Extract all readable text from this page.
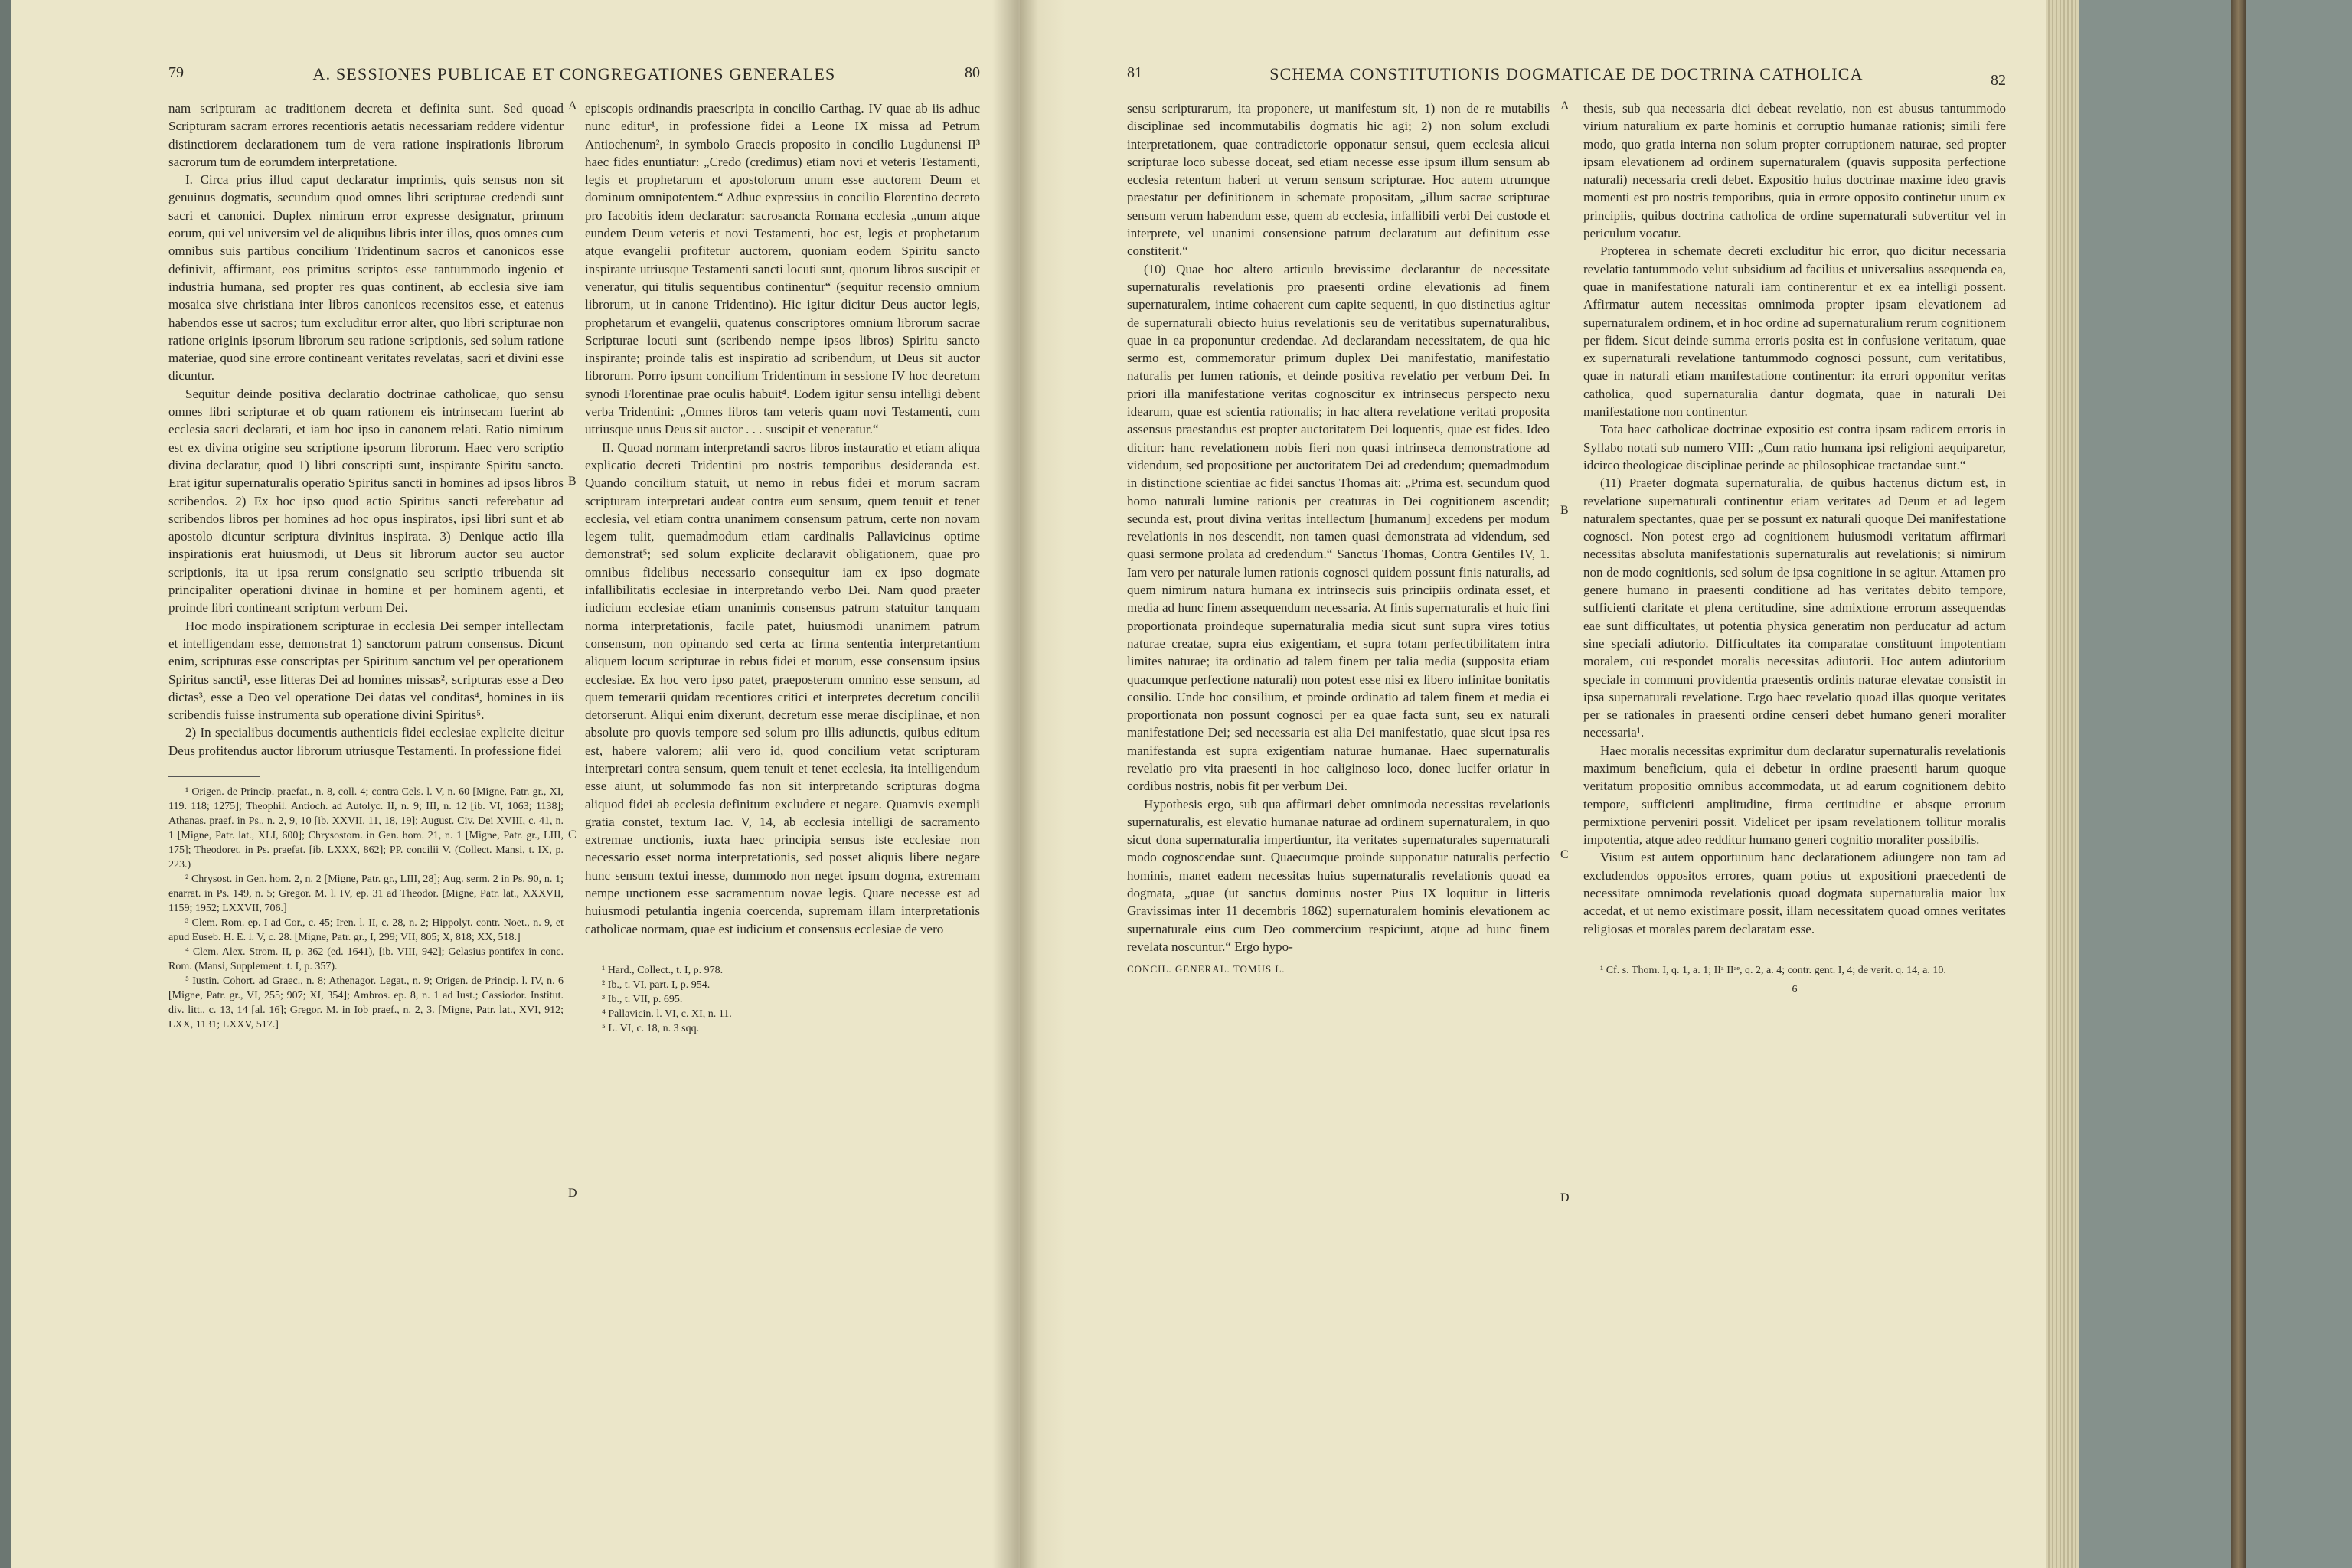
79	A. SESSIONES PUBLICAE ET CONGREGATIONES GENERALES	80

nam scripturam ac traditionem decreta et definita sunt. Sed quoad Scripturam sacram errores recentioris aetatis necessariam reddere videntur distinctiorem declarationem tum de vera ratione inspirationis librorum sacrorum tum de eorumdem interpretatione.

I. Circa prius illud caput declaratur imprimis, quis sensus non sit genuinus dogmatis, secundum quod omnes libri scripturae credendi sunt sacri et canonici. Duplex nimirum error expresse designatur, primum eorum, qui vel universim vel de aliquibus libris inter illos, quos omnes cum omnibus suis partibus concilium Tridentinum sacros et canonicos esse definivit, affirmant, eos primitus scriptos esse tantummodo ingenio et industria humana, sed propter res quas continent, ab ecclesia sive iam mosaica sive christiana inter libros canonicos recensitos esse, et eatenus habendos esse ut sacros; tum excluditur error alter, quo libri scripturae non ratione originis ipsorum librorum seu ratione scriptionis, sed solum ratione materiae, quod sine errore contineant veritates revelatas, sacri et divini esse dicuntur.

Sequitur deinde positiva declaratio doctrinae catholicae, quo sensu omnes libri scripturae et ob quam rationem eis intrinsecam fuerint ab ecclesia sacri declarati, et iam hoc ipso in canonem relati. Ratio nimirum est ex divina origine seu scriptione ipsorum librorum. Haec vero scriptio divina declaratur, quod 1) libri conscripti sunt, inspirante Spiritu sancto. Erat igitur supernaturalis operatio Spiritus sancti in homines ad ipsos libros scribendos. 2) Ex hoc ipso quod actio Spiritus sancti referebatur ad scribendos libros per homines ad hoc opus inspiratos, ipsi libri sunt et ab apostolo dicuntur scriptura divinitus inspirata. 3) Denique actio illa inspirationis erat huiusmodi, ut Deus sit librorum auctor seu auctor scriptionis, ita ut ipsa rerum consignatio seu scriptio tribuenda sit principaliter operationi divinae in homine et per hominem agenti, et proinde libri contineant scriptum verbum Dei.

Hoc modo inspirationem scripturae in ecclesia Dei semper intellectam et intelligendam esse, demonstrat 1) sanctorum patrum consensus. Dicunt enim, scripturas esse conscriptas per Spiritum sanctum vel per operationem Spiritus sancti¹, esse litteras Dei ad homines missas², scripturas esse a Deo dictas³, esse a Deo vel operatione Dei datas vel conditas⁴, homines in iis scribendis fuisse instrumenta sub operatione divini Spiritus⁵.

2) In specialibus documentis authenticis fidei ecclesiae explicite dicitur Deus profitendus auctor librorum utriusque Testamenti. In professione fidei

¹ Origen. de Princip. praefat., n. 8, coll. 4; contra Cels. l. V, n. 60 [Migne, Patr. gr., XI, 119. 118; 1275]; Theophil. Antioch. ad Autolyc. II, n. 9; III, n. 12 [ib. VI, 1063; 1138]; Athanas. praef. in Ps., n. 2, 9, 10 [ib. XXVII, 11, 18, 19]; August. Civ. Dei XVIII, c. 41, n. 1 [Migne, Patr. lat., XLI, 600]; Chrysostom. in Gen. hom. 21, n. 1 [Migne, Patr. gr., LIII, 175]; Theodoret. in Ps. praefat. [ib. LXXX, 862]; PP. concilii V. (Collect. Mansi, t. IX, p. 223.)

² Chrysost. in Gen. hom. 2, n. 2 [Migne, Patr. gr., LIII, 28]; Aug. serm. 2 in Ps. 90, n. 1; enarrat. in Ps. 149, n. 5; Gregor. M. l. IV, ep. 31 ad Theodor. [Migne, Patr. lat., XXXVII, 1159; 1952; LXXVII, 706.]

³ Clem. Rom. ep. I ad Cor., c. 45; Iren. l. II, c. 28, n. 2; Hippolyt. contr. Noet., n. 9, et apud Euseb. H. E. l. V, c. 28. [Migne, Patr. gr., I, 299; VII, 805; X, 818; XX, 518.]

⁴ Clem. Alex. Strom. II, p. 362 (ed. 1641), [ib. VIII, 942]; Gelasius pontifex in conc. Rom. (Mansi, Supplement. t. I, p. 357).

⁵ Iustin. Cohort. ad Graec., n. 8; Athenagor. Legat., n. 9; Origen. de Princip. l. IV, n. 6 [Migne, Patr. gr., VI, 255; 907; XI, 354]; Ambros. ep. 8, n. 1 ad Iust.; Cassiodor. Institut. div. litt., c. 13, 14 [al. 16]; Gregor. M. in Iob praef., n. 2, 3. [Migne, Patr. lat., XVI, 912; LXX, 1131; LXXV, 517.]

A
B
C
D

episcopis ordinandis praescripta in concilio Carthag. IV quae ab iis adhuc nunc editur¹, in professione fidei a Leone IX missa ad Petrum Antiochenum², in symbolo Graecis proposito in concilio Lugdunensi II³ haec fides enuntiatur: „Credo (credimus) etiam novi et veteris Testamenti, legis et prophetarum et apostolorum unum esse auctorem Deum et dominum omnipotentem.“ Adhuc expressius in concilio Florentino decreto pro Iacobitis idem declaratur: sacrosancta Romana ecclesia „unum atque eundem Deum veteris et novi Testamenti, hoc est, legis et prophetarum atque evangelii profitetur auctorem, quoniam eodem Spiritu sancto inspirante utriusque Testamenti sancti locuti sunt, quorum libros suscipit et veneratur, qui titulis sequentibus continentur“ (sequitur recensio omnium librorum, ut in canone Tridentino). Hic igitur dicitur Deus auctor legis, prophetarum et evangelii, quatenus conscriptores omnium librorum sacrae Scripturae locuti sunt (scribendo nempe ipsos libros) Spiritu sancto inspirante; proinde talis est inspiratio ad scribendum, ut Deus sit auctor librorum. Porro ipsum concilium Tridentinum in sessione IV hoc decretum synodi Florentinae prae oculis habuit⁴. Eodem igitur sensu intelligi debent verba Tridentini: „Omnes libros tam veteris quam novi Testamenti, cum utriusque unus Deus sit auctor . . . suscipit et veneratur.“

II. Quoad normam interpretandi sacros libros instauratio et etiam aliqua explicatio decreti Tridentini pro nostris temporibus desideranda est. Quando concilium statuit, ut nemo in rebus fidei et morum sacram scripturam interpretari audeat contra eum sensum, quem tenuit et tenet ecclesia, vel etiam contra unanimem consensum patrum, certe non novam legem tulit, quemadmodum etiam cardinalis Pallavicinus optime demonstrat⁵; sed solum explicite declaravit obligationem, quae pro omnibus fidelibus necessario consequitur iam ex ipso dogmate infallibilitatis ecclesiae in interpretando verbo Dei. Nam quod praeter iudicium ecclesiae etiam unanimis consensus patrum statuitur tanquam norma interpretationis, facile patet, huiusmodi unanimem patrum consensum, non opinando sed certa ac firma sententia interpretantium aliquem locum scripturae in rebus fidei et morum, esse consensum ipsius ecclesiae. Ex hoc vero ipso patet, praeposterum omnino esse sensum, ad quem temerarii quidam recentiores critici et interpretes decretum concilii detorserunt. Aliqui enim dixerunt, decretum esse merae disciplinae, et non absolute pro quovis tempore sed solum pro illis adiunctis, quibus editum est, habere valorem; alii vero id, quod concilium vetat scripturam interpretari contra sensum, quem tenuit et tenet ecclesia, ita intelligendum esse aiunt, ut solummodo fas non sit interpretando scripturas dogma aliquod fidei ab ecclesia definitum excludere et negare. Quamvis exempli gratia constet, textum Iac. V, 14, ab ecclesia intelligi de sacramento extremae unctionis, iuxta haec principia sensus iste ecclesiae non necessario esset norma interpretationis, sed posset aliquis libere negare hunc sensum textui inesse, dummodo non neget ipsum dogma, extremam nempe unctionem esse sacramentum novae legis. Quare necesse est ad huiusmodi petulantia ingenia coercenda, supremam illam interpretationis catholicae normam, quae est iudicium et consensus ecclesiae de vero

¹ Hard., Collect., t. I, p. 978.

² Ib., t. VI, part. I, p. 954.

³ Ib., t. VII, p. 695.

⁴ Pallavicin. l. VI, c. XI, n. 11.

⁵ L. VI, c. 18, n. 3 sqq.

81	SCHEMA CONSTITUTIONIS DOGMATICAE DE DOCTRINA CATHOLICA	82

sensu scripturarum, ita proponere, ut manifestum sit, 1) non de re mutabilis disciplinae sed incommutabilis dogmatis hic agi; 2) non solum excludi interpretationem, quae contradictorie opponatur sensui, quem ecclesia alicui scripturae loco subesse doceat, sed etiam necesse esse ipsum illum sensum ab ecclesia retentum haberi ut verum sensum scripturae. Hoc autem utrumque praestatur per definitionem in schemate propositam, „illum sacrae scripturae sensum verum habendum esse, quem ab ecclesia, infallibili verbi Dei custode et interprete, vel unanimi consensione patrum declaratum aut definitum esse constiterit.“

(10) Quae hoc altero articulo brevissime declarantur de necessitate supernaturalis revelationis pro praesenti ordine elevationis ad finem supernaturalem, intime cohaerent cum capite sequenti, in quo distinctius agitur de supernaturali obiecto huius revelationis seu de veritatibus supernaturalibus, quae in ea proponuntur credendae. Ad declarandam necessitatem, de qua hic sermo est, commemoratur primum duplex Dei manifestatio, manifestatio naturalis per lumen rationis, et deinde positiva revelatio per verbum Dei. In priori illa manifestatione veritas cognoscitur ex intrinsecus perspecto nexu idearum, quae est scientia rationalis; in hac altera revelatione veritati proposita assensus praestandus est propter auctoritatem Dei loquentis, quae est fides. Ideo dicitur: hanc revelationem nobis fieri non quasi intrinseca demonstratione ad videndum, sed propositione per auctoritatem Dei ad credendum; quemadmodum in distinctione scientiae ac fidei sanctus Thomas ait: „Prima est, secundum quod homo naturali lumine rationis per creaturas in Dei cognitionem ascendit; secunda est, prout divina veritas intellectum [humanum] excedens per modum revelationis in nos descendit, non tamen quasi demonstrata ad videndum, sed quasi sermone prolata ad credendum.“ Sanctus Thomas, Contra Gentiles IV, 1. Iam vero per naturale lumen rationis cognosci quidem possunt finis naturalis, ad quem nimirum natura humana ex intrinsecis suis principiis ordinata esset, et media ad hunc finem assequendum necessaria. At finis supernaturalis et huic fini proportionata proindeque supernaturalia media sicut sunt supra vires totius naturae creatae, supra eius exigentiam, et supra totam perfectibilitatem intra limites naturae; ita ordinatio ad talem finem per talia media (supposita etiam quacumque perfectione naturali) non potest esse nisi ex libero infinitae bonitatis consilio. Unde hoc consilium, et proinde ordinatio ad talem finem et media ei proportionata non possunt cognosci per ea quae facta sunt, seu ex naturali manifestatione Dei; sed necessaria est alia Dei manifestatio, quae sicut ipsa res manifestanda est supra exigentiam naturae humanae. Haec supernaturalis revelatio pro vita praesenti in hoc caliginoso loco, donec lucifer oriatur in cordibus nostris, nobis fit per verbum Dei.

Hypothesis ergo, sub qua affirmari debet omnimoda necessitas revelationis supernaturalis, est elevatio humanae naturae ad ordinem supernaturalem, in quo sicut dona supernaturalia impertiuntur, ita veritates supernaturales supernaturali modo cognoscendae sunt. Quaecumque proinde supponatur naturalis perfectio hominis, manet eadem necessitas huius supernaturalis revelationis quoad ea dogmata, „quae (ut sanctus dominus noster Pius IX loquitur in litteris Gravissimas inter 11 decembris 1862) supernaturalem hominis elevationem ac supernaturale eius cum Deo commercium respiciunt, atque ad hunc finem revelata noscuntur.“ Ergo hypo-

CONCIL. GENERAL. TOMUS L.
A
B
C
D

thesis, sub qua necessaria dici debeat revelatio, non est abusus tantummodo virium naturalium ex parte hominis et corruptio humanae rationis; simili fere modo, quo gratia interna non solum propter corruptionem naturae, sed propter ipsam elevationem ad ordinem supernaturalem (quavis supposita perfectione naturali) necessaria credi debet. Expositio huius doctrinae maxime ideo gravis momenti est pro nostris temporibus, quia in errore opposito continetur unum ex principiis, quibus doctrina catholica de ordine supernaturali subvertitur vel in periculum vocatur.

Propterea in schemate decreti excluditur hic error, quo dicitur necessaria revelatio tantummodo velut subsidium ad facilius et universalius assequenda ea, quae in manifestatione naturali iam continerentur et ex ea intelligi possent. Affirmatur autem necessitas omnimoda propter ipsam elevationem ad supernaturalem ordinem, et in hoc ordine ad supernaturalium rerum cognitionem per fidem. Sicut deinde summa erroris posita est in confusione veritatum, quae ex supernaturali revelatione tantummodo cognosci possunt, cum veritatibus, quae in naturali etiam manifestatione continentur: ita errori opponitur veritas catholica, quod supernaturalia dantur dogmata, quae in naturali Dei manifestatione non continentur.

Tota haec catholicae doctrinae expositio est contra ipsam radicem erroris in Syllabo notati sub numero VIII: „Cum ratio humana ipsi religioni aequiparetur, idcirco theologicae disciplinae perinde ac philosophicae tractandae sunt.“

(11) Praeter dogmata supernaturalia, de quibus hactenus dictum est, in revelatione supernaturali continentur etiam veritates ad Deum et ad legem naturalem spectantes, quae per se possunt ex naturali quoque Dei manifestatione cognosci. Non potest ergo ad cognitionem huiusmodi veritatum affirmari necessitas absoluta manifestationis supernaturalis aut revelationis; si nimirum non de modo cognitionis, sed solum de ipsa cognitione in se agitur. Attamen pro genere humano in praesenti conditione ad has veritates debito tempore, sufficienti claritate et plena certitudine, sine admixtione errorum assequendas eae sunt difficultates, ut potentia physica generatim non perducatur ad actum sine speciali adiutorio. Difficultates ita comparatae constituunt impotentiam moralem, cui respondet moralis necessitas adiutorii. Hoc autem adiutorium speciale in communi providentia praesentis ordinis naturae elevatae consistit in ipsa supernaturali revelatione. Ergo haec revelatio quoad illas quoque veritates per se rationales in praesenti ordine censeri debet humano generi moraliter necessaria¹.

Haec moralis necessitas exprimitur dum declaratur supernaturalis revelationis maximum beneficium, quia ei debetur in ordine praesenti harum quoque veritatum propositio omnibus accommodata, ut ad earum cognitionem debito tempore, sufficienti amplitudine, firma certitudine et absque errorum permixtione perveniri possit. Videlicet per ipsam revelationem tollitur moralis impotentia, atque adeo redditur humano generi cognitio moraliter possibilis.

Visum est autem opportunum hanc declarationem adiungere non tam ad excludendos oppositos errores, quam potius ut expositioni praecedenti de necessitate omnimoda revelationis quoad dogmata supernaturalia maior lux accedat, et ut nemo existimare possit, illam necessitatem quoad omnes veritates religiosas et morales parem declaratam esse.

¹ Cf. s. Thom. I, q. 1, a. 1; IIᵃ IIᵃᵉ, q. 2, a. 4; contr. gent. I, 4; de verit. q. 14, a. 10.

6
